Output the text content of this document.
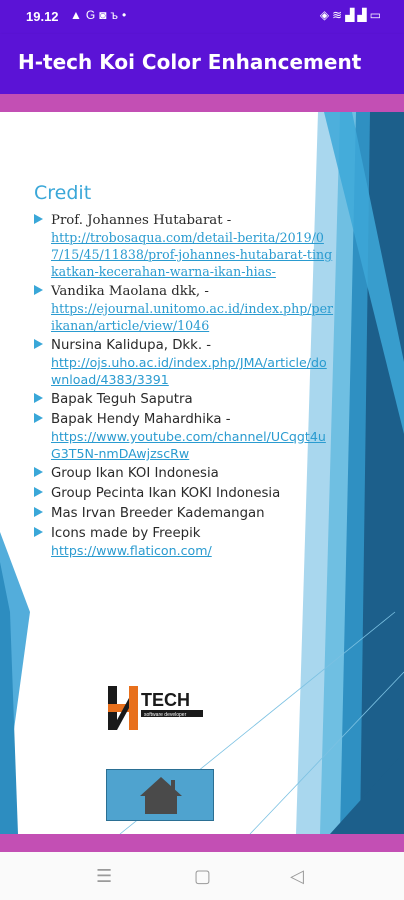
19.12 ▲G◙ъ•	◈≋▟▟▭
H-tech Koi Color Enhancement
Credit
Prof. Johannes Hutabarat -
http://trobosaqua.com/detail-berita/2019/07/15/45/11838/prof-johannes-hutabarat-tingkatkan-kecerahan-warna-ikan-hias-
Vandika Maolana dkk, -
https://ejournal.unitomo.ac.id/index.php/perikanan/article/view/1046
Nursina Kalidupa, Dkk. -
http://ojs.uho.ac.id/index.php/JMA/article/download/4383/3391
Bapak Teguh Saputra
Bapak Hendy Mahardhika -
https://www.youtube.com/channel/UCqgt4uG3T5N-nmDAwjzscRw
Group Ikan KOI Indonesia
Group Pecinta Ikan KOKI Indonesia
Mas Irvan Breeder Kademangan
Icons made by Freepik
https://www.flaticon.com/
TECH
software developer
☰	▢	◁
